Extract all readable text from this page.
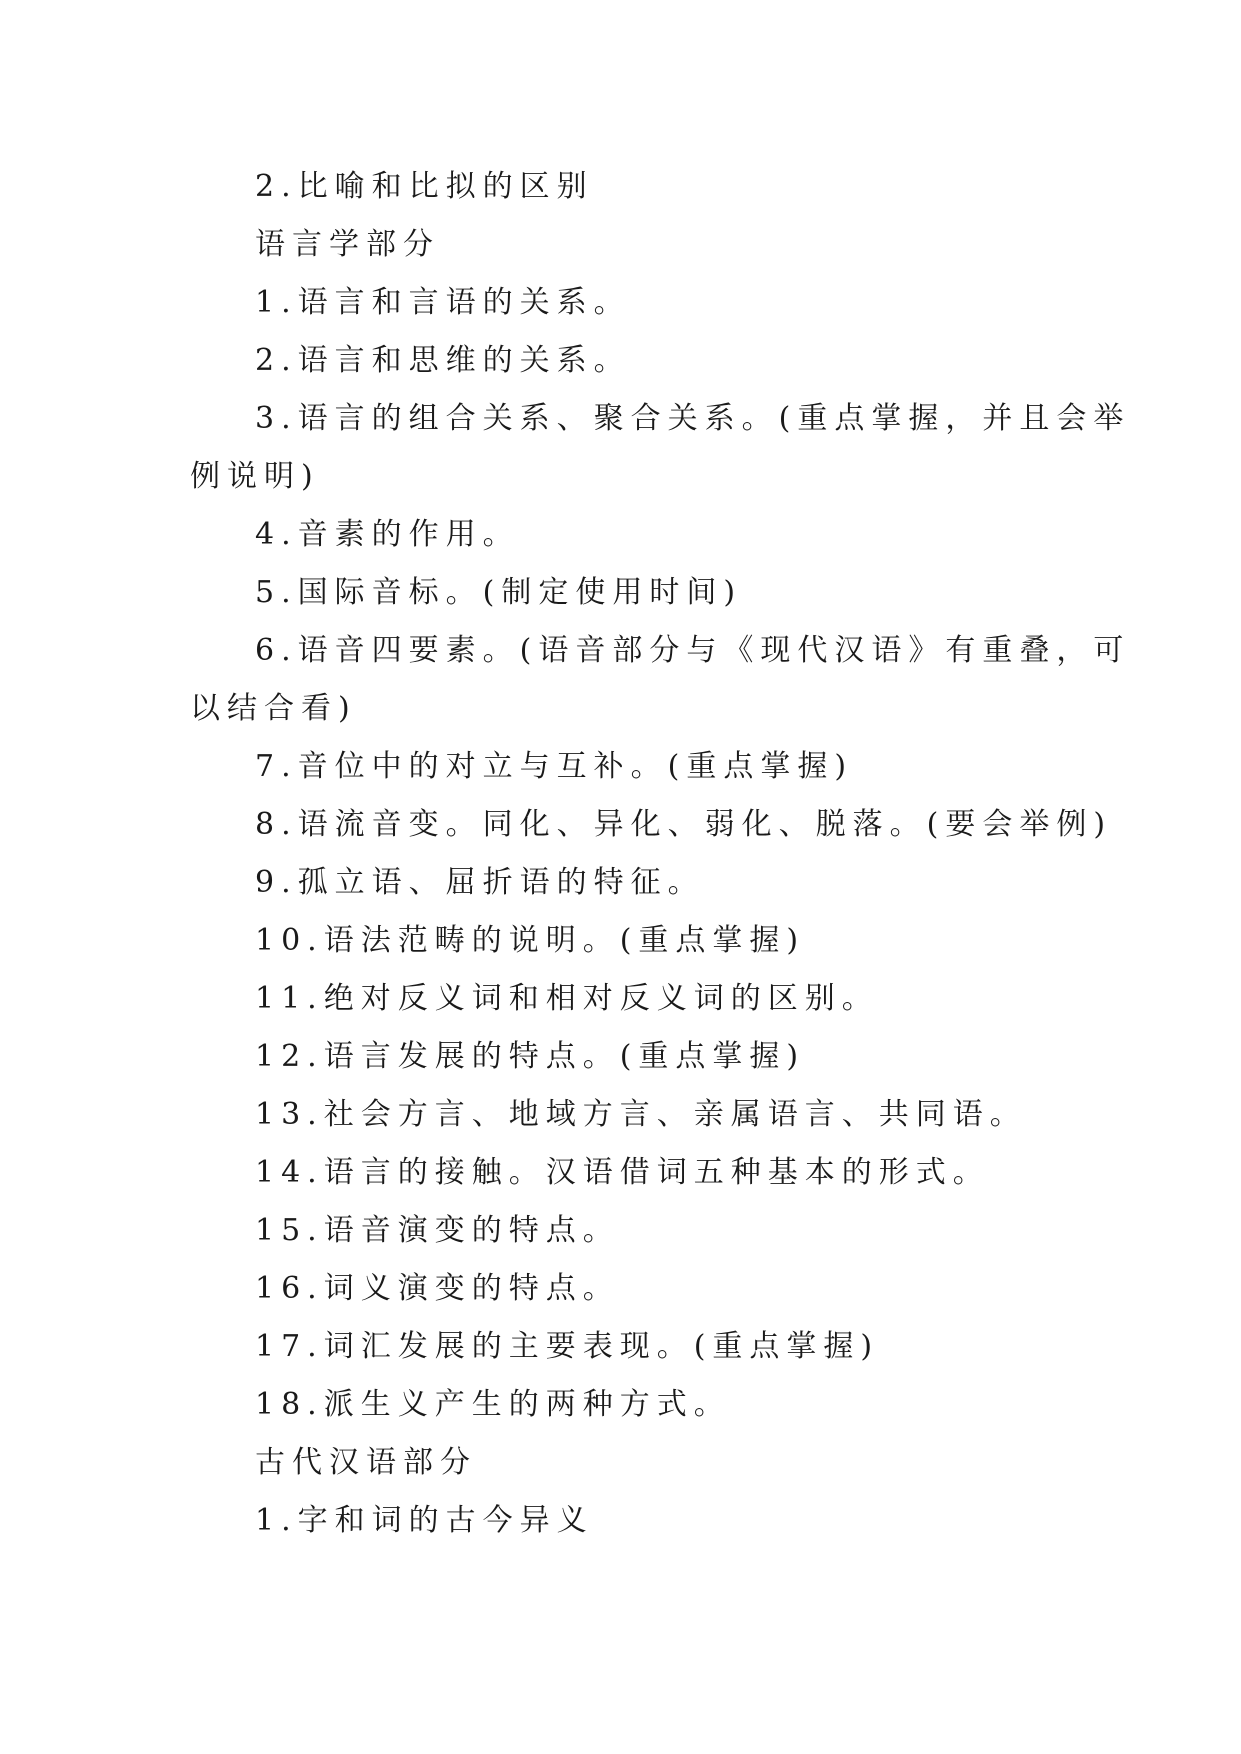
2.比喻和比拟的区别

语言学部分

1.语言和言语的关系。

2.语言和思维的关系。

3.语言的组合关系、聚合关系。(重点掌握，并且会举

例说明)

4.音素的作用。

5.国际音标。(制定使用时间)

6.语音四要素。(语音部分与《现代汉语》有重叠，可

以结合看)

7.音位中的对立与互补。(重点掌握)

8.语流音变。同化、异化、弱化、脱落。(要会举例)

9.孤立语、屈折语的特征。

10.语法范畴的说明。(重点掌握)

11.绝对反义词和相对反义词的区别。

12.语言发展的特点。(重点掌握)

13.社会方言、地域方言、亲属语言、共同语。

14.语言的接触。汉语借词五种基本的形式。

15.语音演变的特点。

16.词义演变的特点。

17.词汇发展的主要表现。(重点掌握)

18.派生义产生的两种方式。

古代汉语部分

1.字和词的古今异义
